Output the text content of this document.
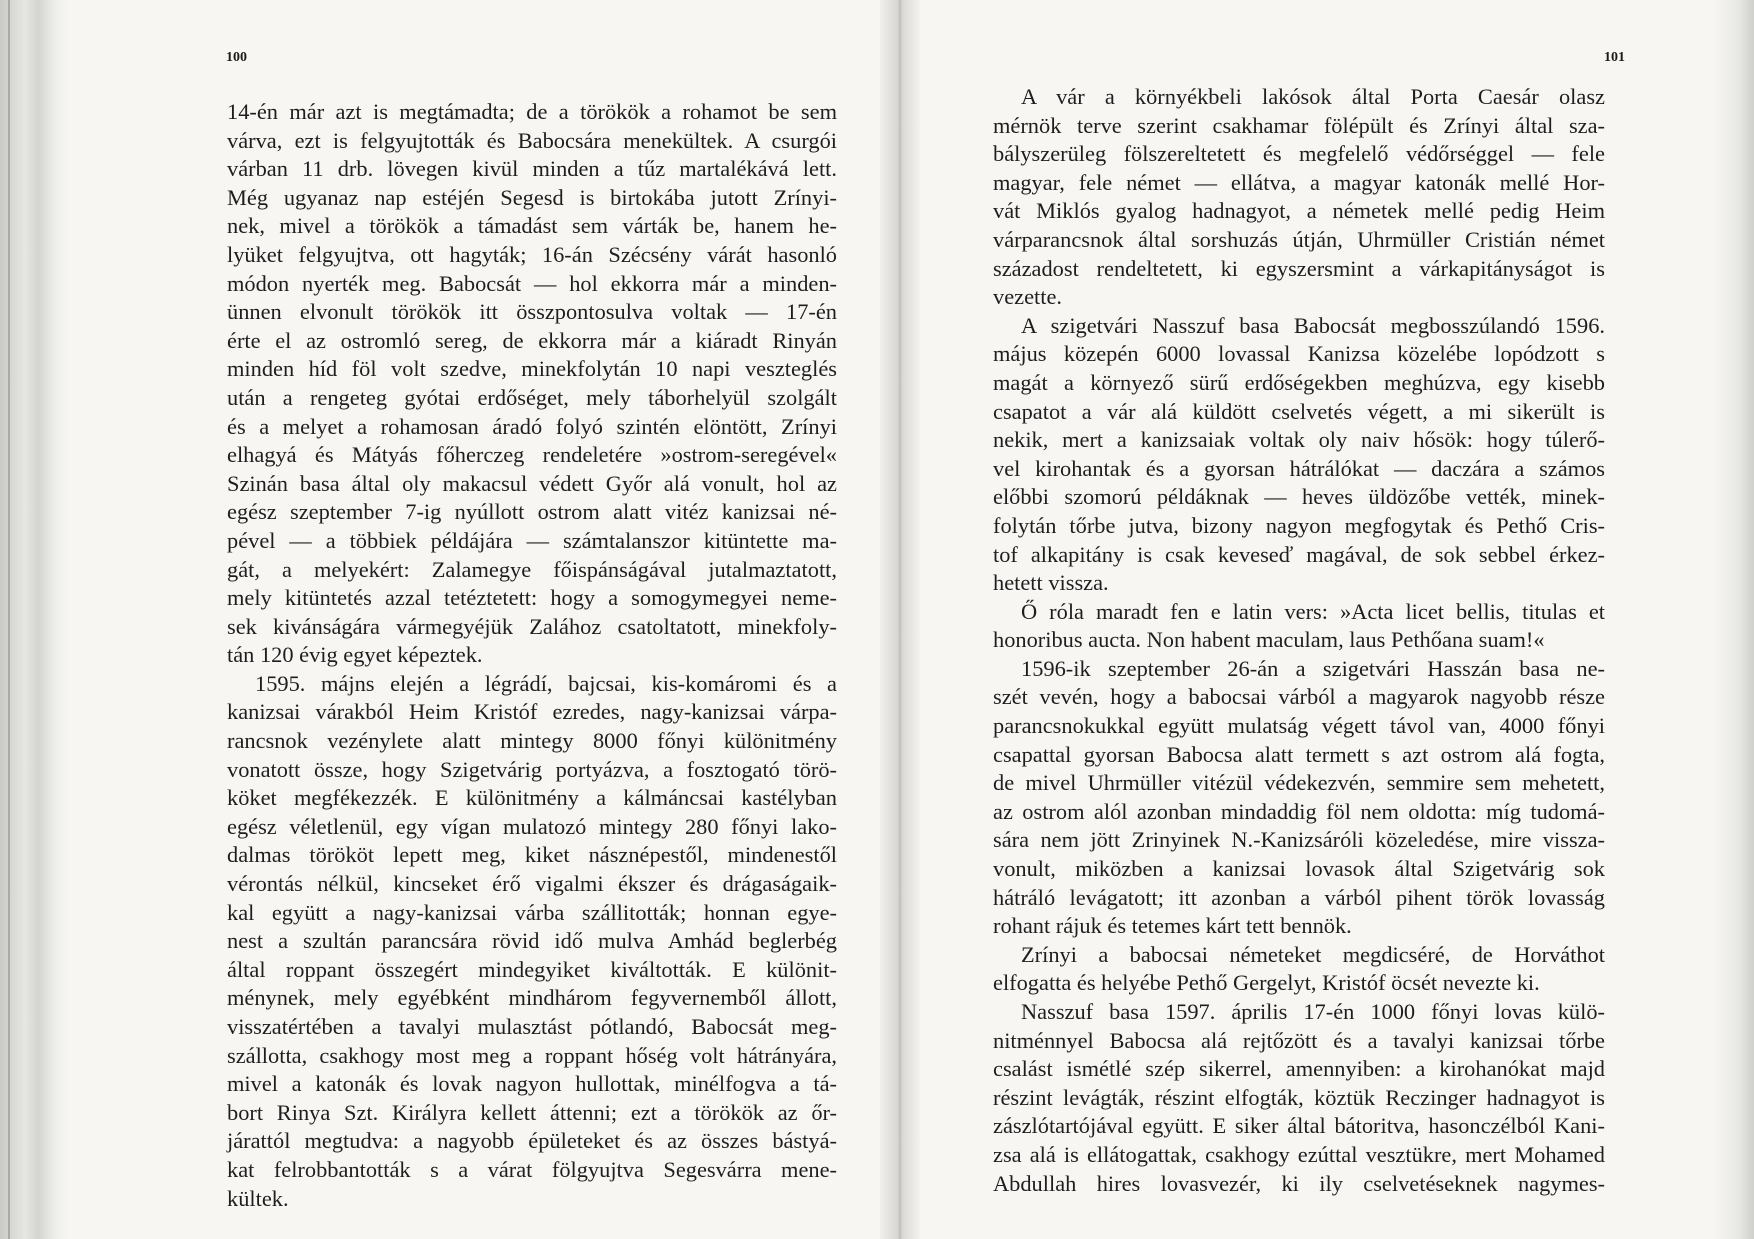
100
14-én már azt is megtámadta; de a törökök a rohamot be sem
várva, ezt is felgyujtották és Babocsára menekültek. A csurgói
várban 11 drb. lövegen kivül minden a tűz martalékává lett.
Még ugyanaz nap estéjén Segesd is birtokába jutott Zrínyi-
nek, mivel a törökök a támadást sem várták be, hanem he-
lyüket felgyujtva, ott hagyták; 16-án Szécsény várát hasonló
módon nyerték meg. Babocsát — hol ekkorra már a minden-
ünnen elvonult törökök itt összpontosulva voltak — 17-én
érte el az ostromló sereg, de ekkorra már a kiáradt Rinyán
minden híd föl volt szedve, minekfolytán 10 napi veszteglés
után a rengeteg gyótai erdőséget, mely táborhelyül szolgált
és a melyet a rohamosan áradó folyó szintén elöntött, Zrínyi
elhagyá és Mátyás főherczeg rendeletére »ostrom-seregével«
Szinán basa által oly makacsul védett Győr alá vonult, hol az
egész szeptember 7-ig nyúllott ostrom alatt vitéz kanizsai né-
pével — a többiek példájára — számtalanszor kitüntette ma-
gát, a melyekért: Zalamegye főispánságával jutalmaztatott,
mely kitüntetés azzal tetéztetett: hogy a somogymegyei neme-
sek kivánságára vármegyéjük Zalához csatoltatott, minekfoly-
tán 120 évig egyet képeztek.
1595. májns elején a légrádí, bajcsai, kis-komáromi és a
kanizsai várakból Heim Kristóf ezredes, nagy-kanizsai várpa-
rancsnok vezénylete alatt mintegy 8000 főnyi különitmény
vonatott össze, hogy Szigetvárig portyázva, a fosztogató törö-
köket megfékezzék. E különitmény a kálmáncsai kastélyban
egész véletlenül, egy vígan mulatozó mintegy 280 főnyi lako-
dalmas törököt lepett meg, kiket násznépestől, mindenestől
vérontás nélkül, kincseket érő vigalmi ékszer és drágaságaik-
kal együtt a nagy-kanizsai várba szállitották; honnan egye-
nest a szultán parancsára rövid idő mulva Amhád beglerbég
által roppant összegért mindegyiket kiváltották. E különit-
ménynek, mely egyébként mindhárom fegyvernemből állott,
visszatértében a tavalyi mulasztást pótlandó, Babocsát meg-
szállotta, csakhogy most meg a roppant hőség volt hátrányára,
mivel a katonák és lovak nagyon hullottak, minélfogva a tá-
bort Rinya Szt. Királyra kellett áttenni; ezt a törökök az őr-
járattól megtudva: a nagyobb épületeket és az összes bástyá-
kat felrobbantották s a várat fölgyujtva Segesvárra mene-
kültek.
101
A vár a környékbeli lakósok által Porta Caesár olasz
mérnök terve szerint csakhamar fölépült és Zrínyi által sza-
bályszerüleg fölszereltetett és megfelelő védőrséggel — fele
magyar, fele német — ellátva, a magyar katonák mellé Hor-
vát Miklós gyalog hadnagyot, a németek mellé pedig Heim
várparancsnok által sorshuzás útján, Uhrmüller Cristián német
századost rendeltetett, ki egyszersmint a várkapitányságot is
vezette.
A szigetvári Nasszuf basa Babocsát megbosszúlandó 1596.
május közepén 6000 lovassal Kanizsa közelébe lopódzott s
magát a környező sürű erdőségekben meghúzva, egy kisebb
csapatot a vár alá küldött cselvetés végett, a mi sikerült is
nekik, mert a kanizsaiak voltak oly naiv hősök: hogy túlerő-
vel kirohantak és a gyorsan hátrálókat — daczára a számos
előbbi szomorú példáknak — heves üldözőbe vették, minek-
folytán tőrbe jutva, bizony nagyon megfogytak és Pethő Cris-
tof alkapitány is csak keveseď magával, de sok sebbel érkez-
hetett vissza.
Ő róla maradt fen e latin vers: »Acta licet bellis, titulas et
honoribus aucta. Non habent maculam, laus Pethőana suam!«
1596-ik szeptember 26-án a szigetvári Hasszán basa ne-
szét vevén, hogy a babocsai várból a magyarok nagyobb része
parancsnokukkal együtt mulatság végett távol van, 4000 főnyi
csapattal gyorsan Babocsa alatt termett s azt ostrom alá fogta,
de mivel Uhrmüller vitézül védekezvén, semmire sem mehetett,
az ostrom alól azonban mindaddig föl nem oldotta: míg tudomá-
sára nem jött Zrinyinek N.-Kanizsáróli közeledése, mire vissza-
vonult, miközben a kanizsai lovasok által Szigetvárig sok
hátráló levágatott; itt azonban a várból pihent török lovasság
rohant rájuk és tetemes kárt tett bennök.
Zrínyi a babocsai németeket megdicséré, de Horváthot
elfogatta és helyébe Pethő Gergelyt, Kristóf öcsét nevezte ki.
Nasszuf basa 1597. április 17-én 1000 főnyi lovas külö-
nitménnyel Babocsa alá rejtőzött és a tavalyi kanizsai tőrbe
csalást ismétlé szép sikerrel, amennyiben: a kirohanókat majd
részint levágták, részint elfogták, köztük Reczinger hadnagyot is
zászlótartójával együtt. E siker által bátoritva, hasonczélból Kani-
zsa alá is ellátogattak, csakhogy ezúttal vesztükre, mert Mohamed
Abdullah hires lovasvezér, ki ily cselvetéseknek nagymes-
